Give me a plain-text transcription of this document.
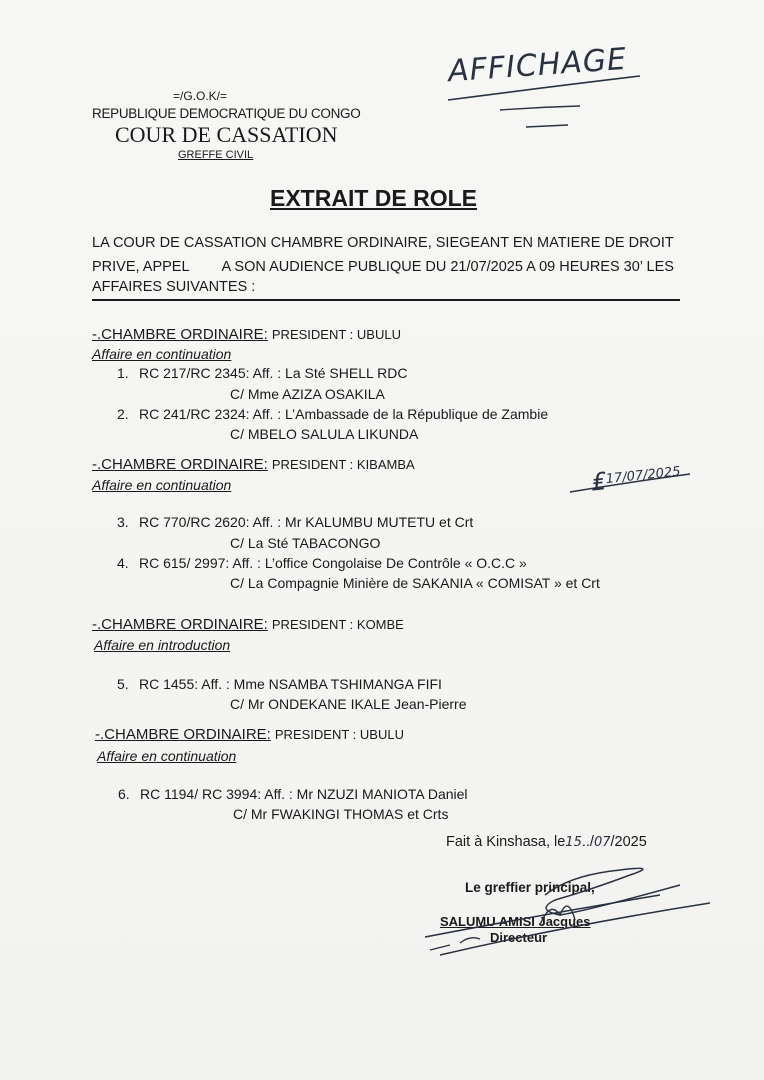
AFFICHAGE
=/G.O.K/=
REPUBLIQUE DEMOCRATIQUE DU CONGO
COUR DE CASSATION
GREFFE CIVIL
EXTRAIT DE ROLE
LA COUR DE CASSATION CHAMBRE ORDINAIRE, SIEGEANT EN MATIERE DE DROIT
PRIVE, APPEL A SON AUDIENCE PUBLIQUE DU 21/07/2025 A 09 HEURES 30’ LES
AFFAIRES SUIVANTES :
-.CHAMBRE ORDINAIRE: PRESIDENT : UBULU
Affaire en continuation
1. RC 217/RC 2345: Aff. : La Sté SHELL RDC
C/ Mme AZIZA OSAKILA
2. RC 241/RC 2324: Aff. : L’Ambassade de la République de Zambie
C/ MBELO SALULA LIKUNDA
-.CHAMBRE ORDINAIRE: PRESIDENT : KIBAMBA
Affaire en continuation	₤17/07/2025
3. RC 770/RC 2620: Aff. : Mr KALUMBU MUTETU et Crt
C/ La Sté TABACONGO
4. RC 615/ 2997: Aff. : L’office Congolaise De Contrôle « O.C.C »
C/ La Compagnie Minière de SAKANIA « COMISAT » et Crt
-.CHAMBRE ORDINAIRE: PRESIDENT : KOMBE
Affaire en introduction
5. RC 1455: Aff. : Mme NSAMBA TSHIMANGA FIFI
C/ Mr ONDEKANE IKALE Jean-Pierre
-.CHAMBRE ORDINAIRE: PRESIDENT : UBULU
Affaire en continuation
6. RC 1194/ RC 3994: Aff. : Mr NZUZI MANIOTA Daniel
C/ Mr FWAKINGI THOMAS et Crts
Fait à Kinshasa, le15../07/2025
Le greffier principal,
SALUMU AMISI Jacques
Directeur
